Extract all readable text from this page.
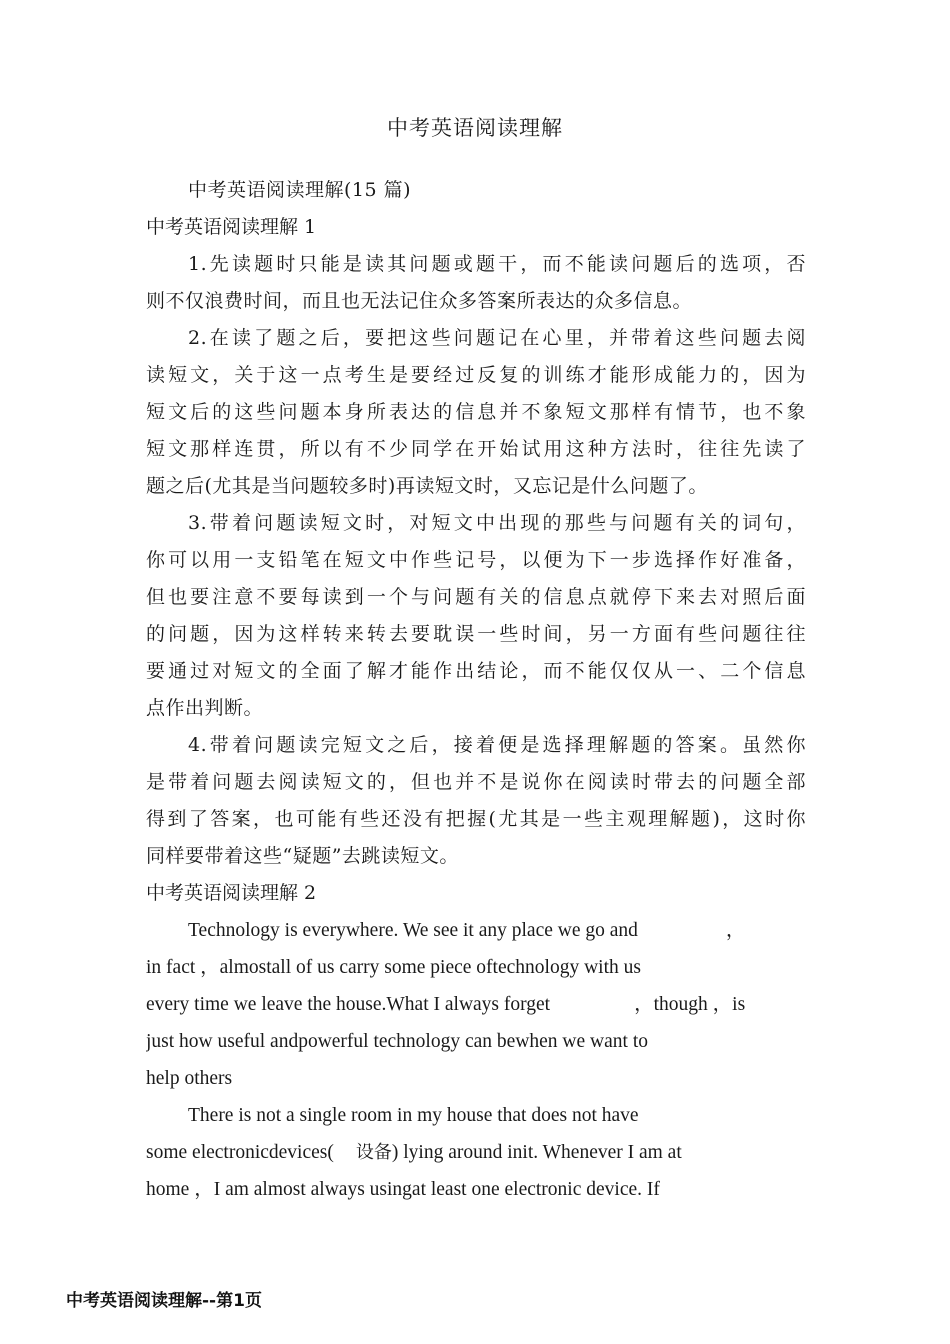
中考英语阅读理解
中考英语阅读理解(15 篇)
中考英语阅读理解 1
1.先读题时只能是读其问题或题干，而不能读问题后的选项，否
则不仅浪费时间，而且也无法记住众多答案所表达的众多信息。
2.在读了题之后，要把这些问题记在心里，并带着这些问题去阅
读短文，关于这一点考生是要经过反复的训练才能形成能力的，因为
短文后的这些问题本身所表达的信息并不象短文那样有情节，也不象
短文那样连贯，所以有不少同学在开始试用这种方法时，往往先读了
题之后(尤其是当问题较多时)再读短文时，又忘记是什么问题了。
3.带着问题读短文时，对短文中出现的那些与问题有关的词句，
你可以用一支铅笔在短文中作些记号，以便为下一步选择作好准备，
但也要注意不要每读到一个与问题有关的信息点就停下来去对照后面
的问题，因为这样转来转去要耽误一些时间，另一方面有些问题往往
要通过对短文的全面了解才能作出结论，而不能仅仅从一、二个信息
点作出判断。
4.带着问题读完短文之后，接着便是选择理解题的答案。虽然你
是带着问题去阅读短文的，但也并不是说你在阅读时带去的问题全部
得到了答案，也可能有些还没有把握(尤其是一些主观理解题)，这时你
同样要带着这些“疑题”去跳读短文。
中考英语阅读理解 2
Technology is everywhere. We see it any place we go and	，
in fact ，almostall of us carry some piece oftechnology with us
every time we leave the house.What I always forget	，though ，is
just how useful andpowerful technology can bewhen we want to
help others
There is not a single room in my house that does not have
some electronicdevices( 设备) lying around init. Whenever I am at
home ，I am almost always usingat least one electronic device. If
中考英语阅读理解--第1页
